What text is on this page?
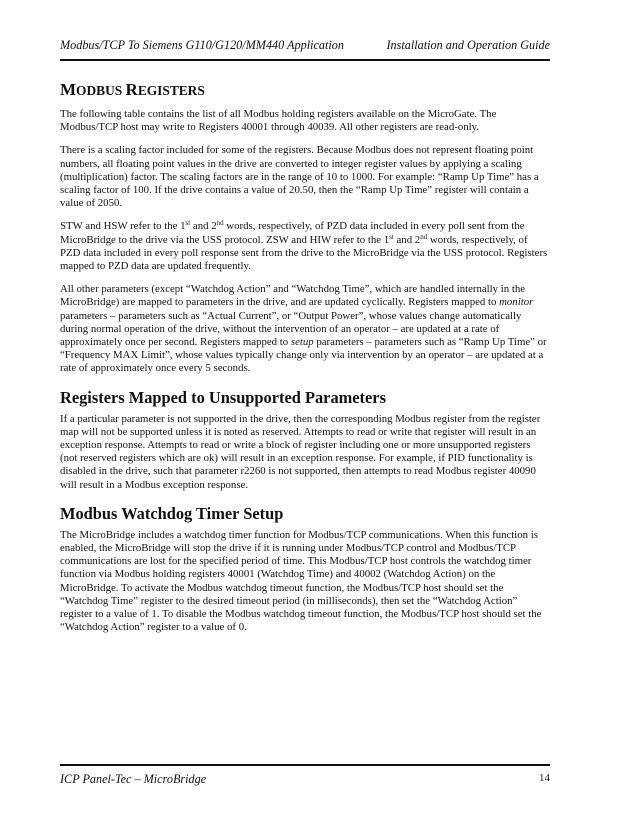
Modbus/TCP To Siemens G110/G120/MM440 Application	Installation and Operation Guide
MODBUS REGISTERS

The following table contains the list of all Modbus holding registers available on the MicroGate. The Modbus/TCP host may write to Registers 40001 through 40039. All other registers are read-only.

There is a scaling factor included for some of the registers. Because Modbus does not represent floating point numbers, all floating point values in the drive are converted to integer register values by applying a scaling (multiplication) factor. The scaling factors are in the range of 10 to 1000. For example: “Ramp Up Time” has a scaling factor of 100. If the drive contains a value of 20.50, then the “Ramp Up Time” register will contain a value of 2050.

STW and HSW refer to the 1st and 2nd words, respectively, of PZD data included in every poll sent from the MicroBridge to the drive via the USS protocol. ZSW and HIW refer to the 1st and 2nd words, respectively, of PZD data included in every poll response sent from the drive to the MicroBridge via the USS protocol. Registers mapped to PZD data are updated frequently.

All other parameters (except “Watchdog Action” and “Watchdog Time”, which are handled internally in the MicroBridge) are mapped to parameters in the drive, and are updated cyclically. Registers mapped to monitor parameters – parameters such as “Actual Current”, or “Output Power”, whose values change automatically during normal operation of the drive, without the intervention of an operator – are updated at a rate of approximately once per second. Registers mapped to setup parameters – parameters such as “Ramp Up Time” or “Frequency MAX Limit”, whose values typically change only via intervention by an operator – are updated at a rate of approximately once every 5 seconds.

Registers Mapped to Unsupported Parameters

If a particular parameter is not supported in the drive, then the corresponding Modbus register from the register map will not be supported unless it is noted as reserved. Attempts to read or write that register will result in an exception response. Attempts to read or write a block of register including one or more unsupported registers (not reserved registers which are ok) will result in an exception response. For example, if PID functionality is disabled in the drive, such that parameter r2260 is not supported, then attempts to read Modbus register 40090 will result in a Modbus exception response.

Modbus Watchdog Timer Setup

The MicroBridge includes a watchdog timer function for Modbus/TCP communications. When this function is enabled, the MicroBridge will stop the drive if it is running under Modbus/TCP control and Modbus/TCP communications are lost for the specified period of time. This Modbus/TCP host controls the watchdog timer function via Modbus holding registers 40001 (Watchdog Time) and 40002 (Watchdog Action) on the MicroBridge. To activate the Modbus watchdog timeout function, the Modbus/TCP host should set the “Watchdog Time” register to the desired timeout period (in milliseconds), then set the “Watchdog Action” register to a value of 1. To disable the Modbus watchdog timeout function, the Modbus/TCP host should set the “Watchdog Action” register to a value of 0.

ICP Panel-Tec – MicroBridge	14
